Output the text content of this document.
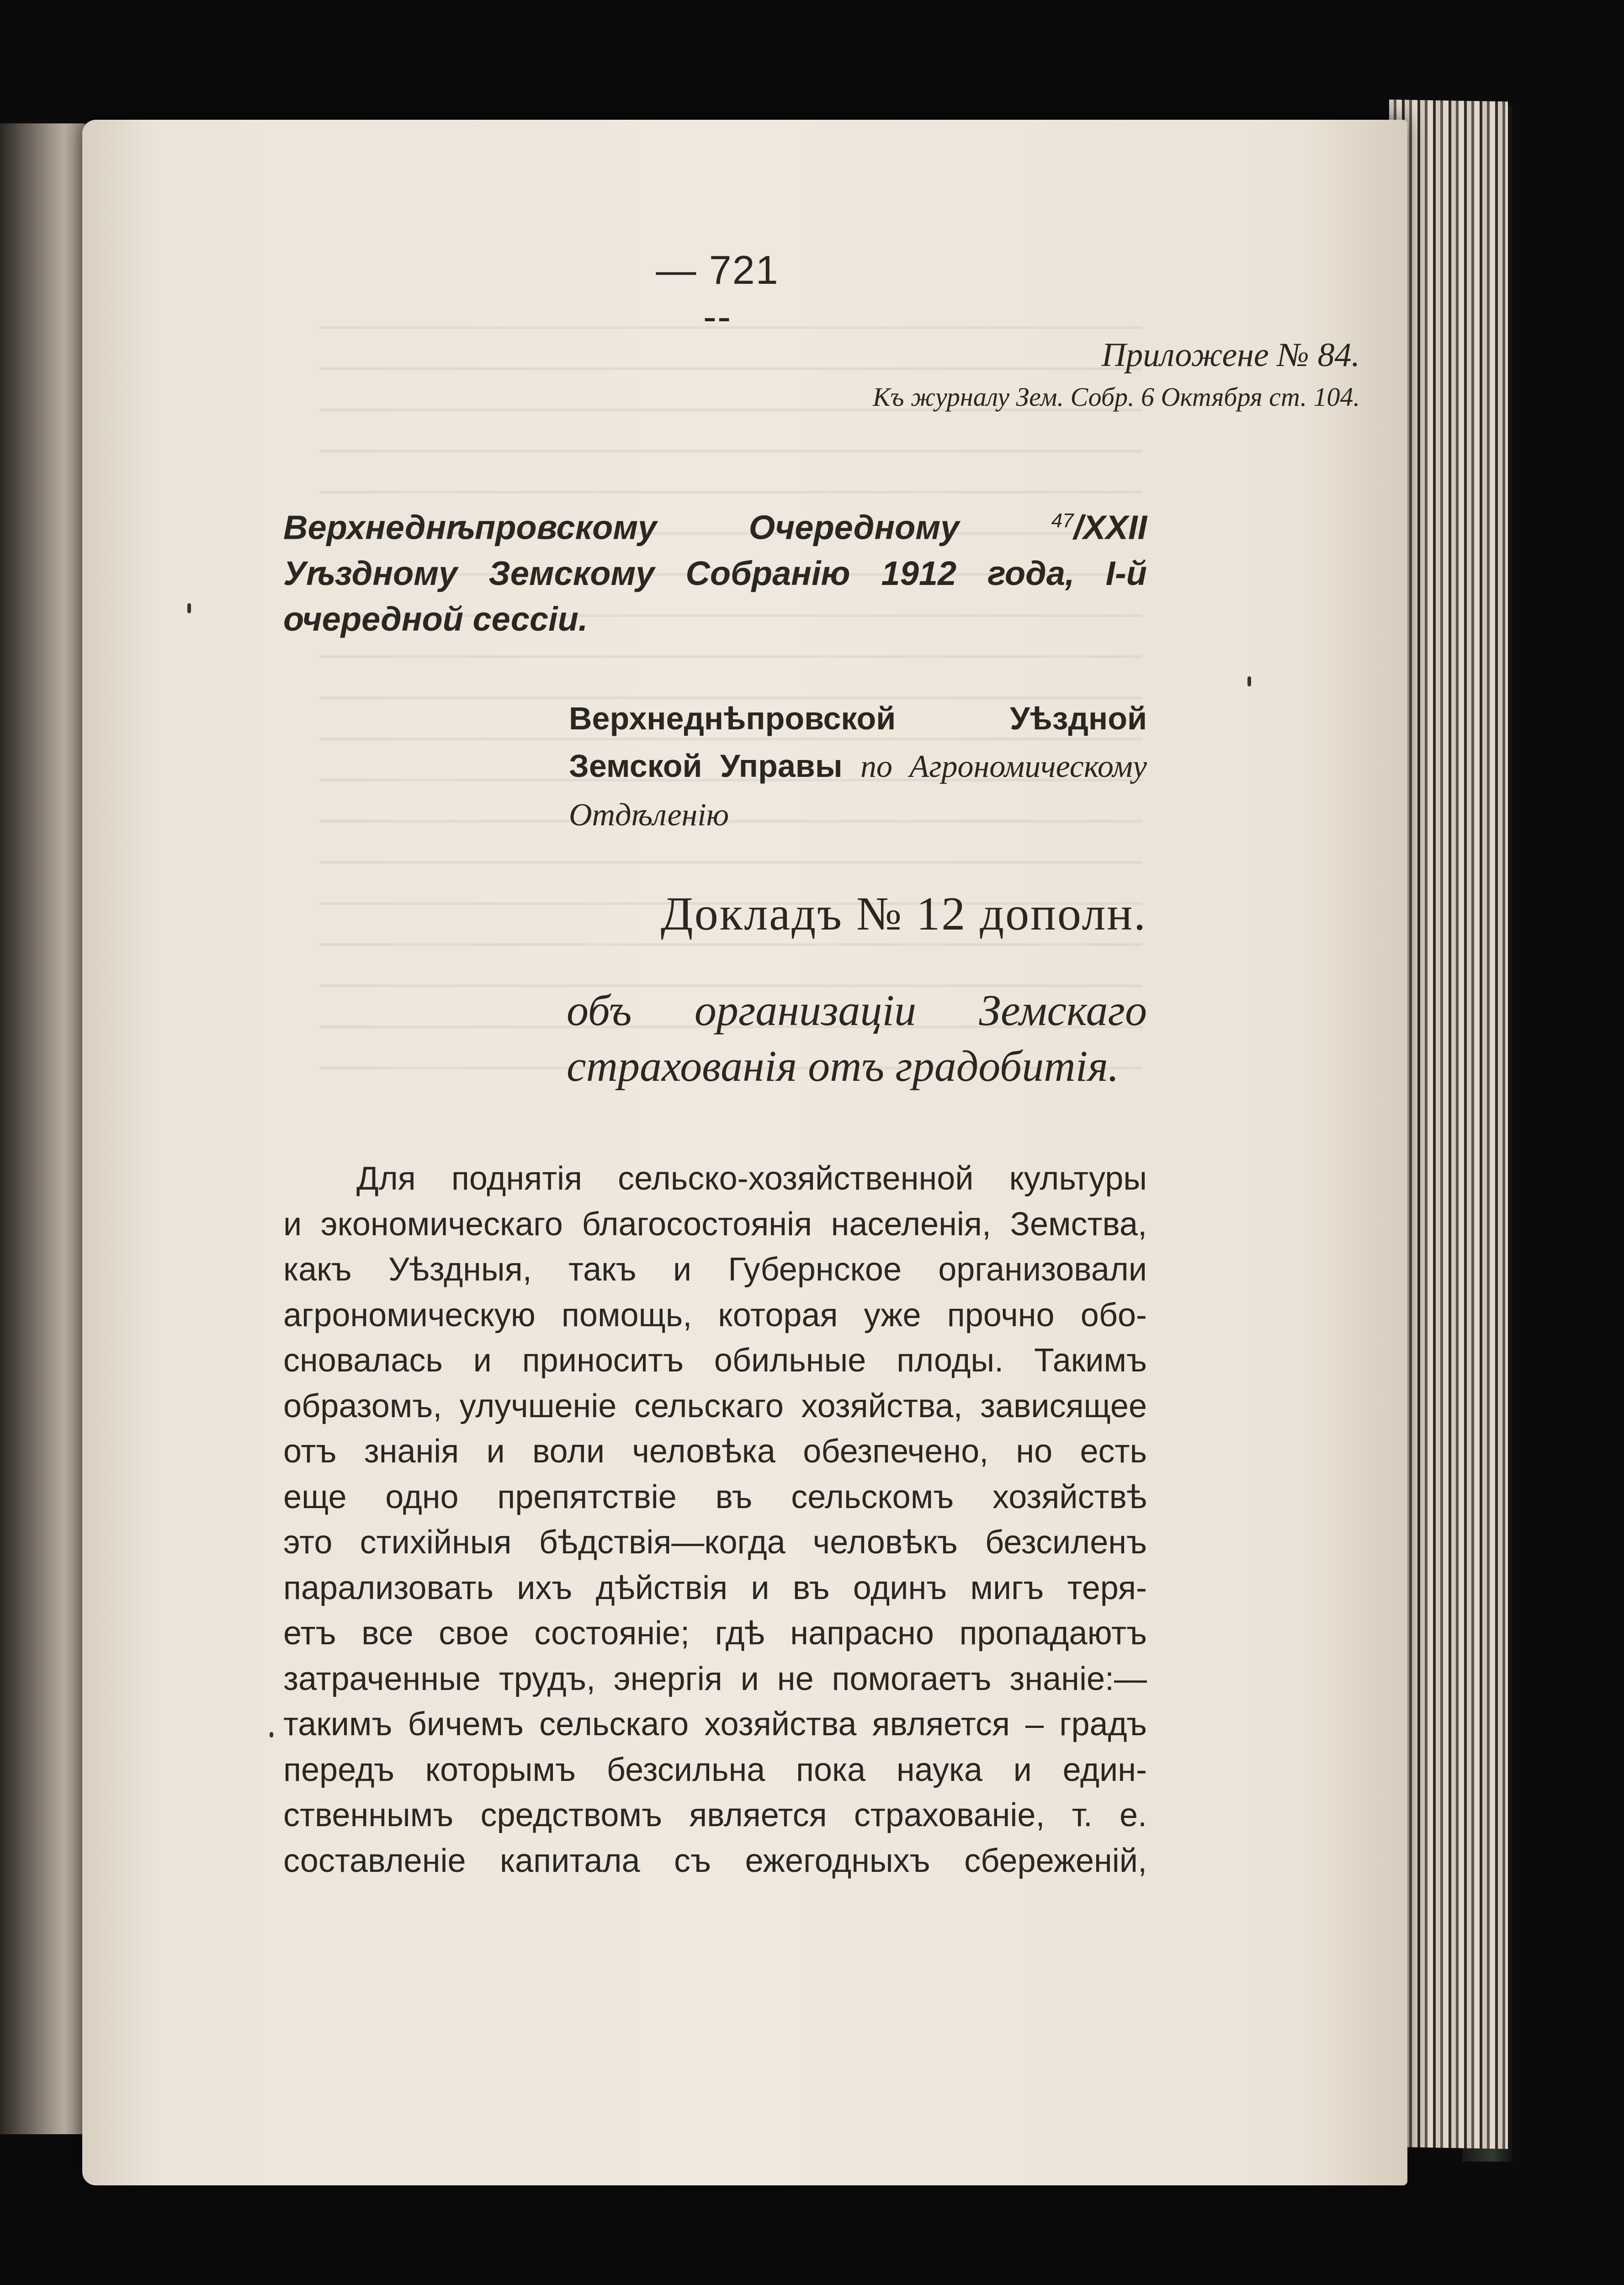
— 721 --
Приложене № 84.
Къ журналу Зем. Собр. 6 Октября ст. 104.
Верхнеднѣпровскому Очередному	$^{47}$/XXII Уѣздному Земскому Собранію 1912 года, I-й очередной сессіи.
Верхнеднѣпровской Уѣздной Земской Управы по Агрономическому Отдѣленію
Докладъ № 12 дополн.
объ организаціи Земскаго страхованія отъ градобитія.
Для поднятія сельско-хозяйственной культуры
и экономическаго благосостоянія населенія, Земства,
какъ Уѣздныя, такъ и Губернское организовали
агрономическую помощь, которая уже прочно обо-
сновалась и приноситъ обильные плоды. Такимъ
образомъ, улучшеніе сельскаго хозяйства, зависящее
отъ знанія и воли человѣка обезпечено, но есть
еще одно препятствіе въ сельскомъ хозяйствѣ
это стихійныя бѣдствія—когда человѣкъ безсиленъ
парализовать ихъ дѣйствія и въ одинъ мигъ теря-
етъ все свое состояніе; гдѣ напрасно пропадаютъ
затраченные трудъ, энергія и не помогаетъ знаніе:—
такимъ бичемъ сельскаго хозяйства является – градъ
передъ которымъ безсильна пока наука и един-
ственнымъ средствомъ является страхованіе, т. е.
составленіе капитала съ ежегодныхъ сбереженій,
